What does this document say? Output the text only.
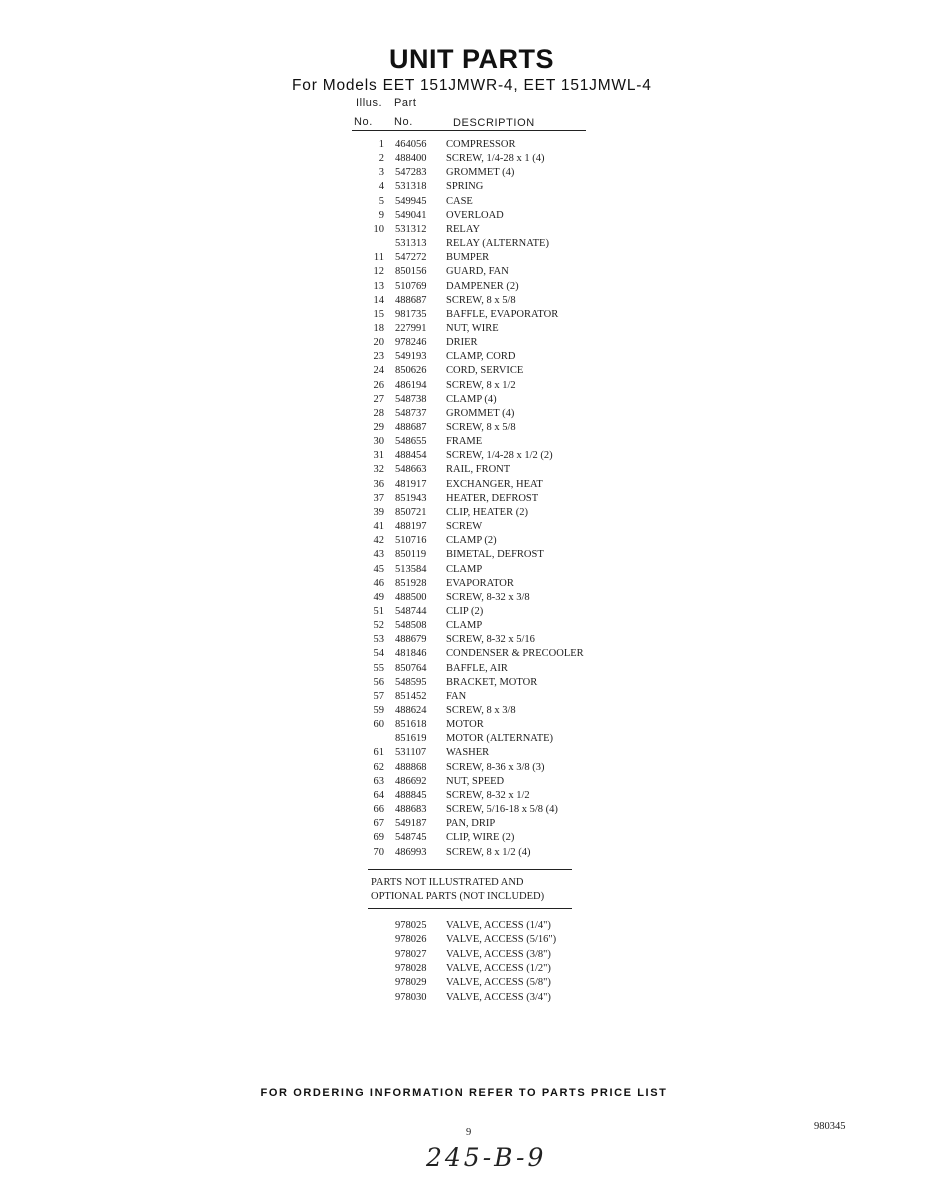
UNIT PARTS
For Models EET 151JMWR-4, EET 151JMWL-4
Illus. Part
No. No.	DESCRIPTION
1 464056	COMPRESSOR
2 488400	SCREW, 1/4-28 x 1 (4)
3 547283	GROMMET (4)
4 531318	SPRING
5 549945	CASE
9 549041	OVERLOAD
10 531312	RELAY
531313	RELAY (ALTERNATE)
11 547272	BUMPER
12 850156	GUARD, FAN
13 510769	DAMPENER (2)
14 488687	SCREW, 8 x 5/8
15 981735	BAFFLE, EVAPORATOR
18 227991	NUT, WIRE
20 978246	DRIER
23 549193	CLAMP, CORD
24 850626	CORD, SERVICE
26 486194	SCREW, 8 x 1/2
27 548738	CLAMP (4)
28 548737	GROMMET (4)
29 488687	SCREW, 8 x 5/8
30 548655	FRAME
31 488454	SCREW, 1/4-28 x 1/2 (2)
32 548663	RAIL, FRONT
36 481917	EXCHANGER, HEAT
37 851943	HEATER, DEFROST
39 850721	CLIP, HEATER (2)
41 488197	SCREW
42 510716	CLAMP (2)
43 850119	BIMETAL, DEFROST
45 513584	CLAMP
46 851928	EVAPORATOR
49 488500	SCREW, 8-32 x 3/8
51 548744	CLIP (2)
52 548508	CLAMP
53 488679	SCREW, 8-32 x 5/16
54 481846	CONDENSER & PRECOOLER
55 850764	BAFFLE, AIR
56 548595	BRACKET, MOTOR
57 851452	FAN
59 488624	SCREW, 8 x 3/8
60 851618	MOTOR
851619	MOTOR (ALTERNATE)
61 531107	WASHER
62 488868	SCREW, 8-36 x 3/8 (3)
63 486692	NUT, SPEED
64 488845	SCREW, 8-32 x 1/2
66 488683	SCREW, 5/16-18 x 5/8 (4)
67 549187	PAN, DRIP
69 548745	CLIP, WIRE (2)
70 486993	SCREW, 8 x 1/2 (4)
PARTS NOT ILLUSTRATED AND
OPTIONAL PARTS (NOT INCLUDED)
978025	VALVE, ACCESS (1/4")
978026	VALVE, ACCESS (5/16")
978027	VALVE, ACCESS (3/8")
978028	VALVE, ACCESS (1/2")
978029	VALVE, ACCESS (5/8")
978030	VALVE, ACCESS (3/4")
FOR ORDERING INFORMATION REFER TO PARTS PRICE LIST
9
980345
245-B-9
